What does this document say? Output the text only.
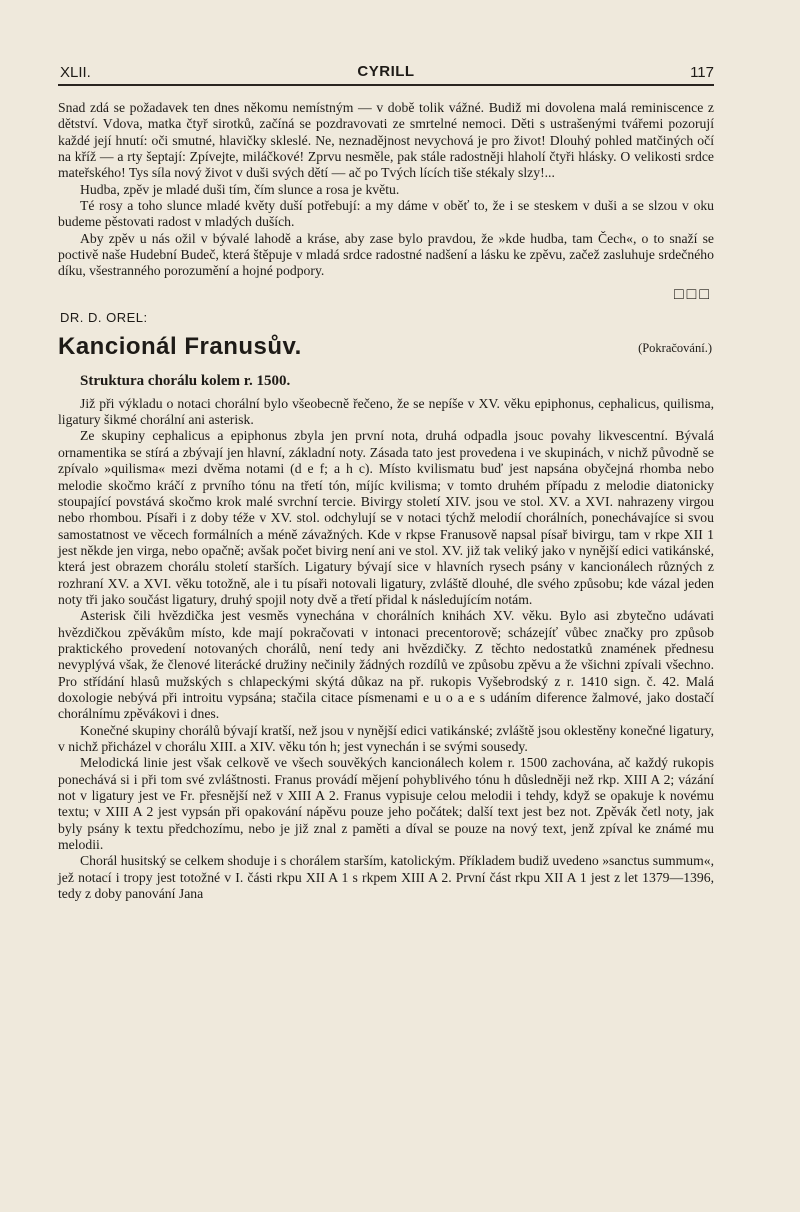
XLII.	CYRILL	117

Snad zdá se požadavek ten dnes někomu nemístným — v době tolik vážné. Budiž mi dovolena malá reminiscence z dětství. Vdova, matka čtyř sirotků, začíná se pozdravovati ze smrtelné nemoci. Děti s ustrašenými tvářemi pozorují každé její hnutí: oči smutné, hlavičky skleslé. Ne, neznadějnost nevychová je pro život! Dlouhý pohled matčiných očí na kříž — a rty šeptají: Zpívejte, miláčkové! Zprvu nesměle, pak stále radostněji hlaholí čtyři hlásky. O velikosti srdce mateřského! Tys síla nový život v duši svých dětí — ač po Tvých lících tiše stékaly slzy!...

Hudba, zpěv je mladé duši tím, čím slunce a rosa je květu.

Té rosy a toho slunce mladé květy duší potřebují: a my dáme v oběť to, že i se steskem v duši a se slzou v oku budeme pěstovati radost v mladých duších.

Aby zpěv u nás ožil v bývalé lahodě a kráse, aby zase bylo pravdou, že »kde hudba, tam Čech«, o to snaží se poctivě naše Hudební Budeč, která štěpuje v mladá srdce radostné nadšení a lásku ke zpěvu, začež zasluhuje srdečného díku, všestranného porozumění a hojné podpory.

□□□
DR. D. OREL:
Kancionál Franusův.	(Pokračování.)
Struktura chorálu kolem r. 1500.

Již při výkladu o notaci chorální bylo všeobecně řečeno, že se nepíše v XV. věku epiphonus, cephalicus, quilisma, ligatury šikmé chorální ani asterisk.

Ze skupiny cephalicus a epiphonus zbyla jen první nota, druhá odpadla jsouc povahy likvescentní. Bývalá ornamentika se stírá a zbývají jen hlavní, základní noty. Zásada tato jest provedena i ve skupinách, v nichž původně se zpívalo »quilisma« mezi dvěma notami (d e f; a h c). Místo kvilismatu buď jest napsána obyčejná rhomba nebo melodie skočmo kráčí z prvního tónu na třetí tón, míjíc kvilisma; v tomto druhém případu z melodie diatonicky stoupající povstává skočmo krok malé svrchní tercie. Bivirgy století XIV. jsou ve stol. XV. a XVI. nahrazeny virgou nebo rhombou. Písaři i z doby téže v XV. stol. odchylují se v notaci týchž melodií chorálních, ponechávajíce si svou samostatnost ve věcech formálních a méně závažných. Kde v rkpse Franusově napsal písař bivirgu, tam v rkpe XII 1 jest někde jen virga, nebo opačně; avšak počet bivirg není ani ve stol. XV. již tak veliký jako v nynější edici vatikánské, která jest obrazem chorálu století starších. Ligatury bývají sice v hlavních rysech psány v kancionálech různých z rozhraní XV. a XVI. věku totožně, ale i tu písaři notovali ligatury, zvláště dlouhé, dle svého způsobu; kde vázal jeden noty tři jako součást ligatury, druhý spojil noty dvě a třetí přidal k následujícím notám.

Asterisk čili hvězdička jest vesměs vynechána v chorálních knihách XV. věku. Bylo asi zbytečno udávati hvězdičkou zpěvákům místo, kde mají pokračovati v intonaci precentorově; scházejíť vůbec značky pro způsob praktického provedení notovaných chorálů, není tedy ani hvězdičky. Z těchto nedostatků znamének přednesu nevyplývá však, že členové literácké družiny nečinily žádných rozdílů ve způsobu zpěvu a že všichni zpívali všechno. Pro střídání hlasů mužských s chlapeckými skýtá důkaz na př. rukopis Vyšebrodský z r. 1410 sign. č. 42. Malá doxologie nebývá při introitu vypsána; stačila citace písmenami e u o a e s udáním diference žalmové, jako dostačí chorálnímu zpěvákovi i dnes.

Konečné skupiny chorálů bývají kratší, než jsou v nynější edici vatikánské; zvláště jsou oklestěny konečné ligatury, v nichž přicházel v chorálu XIII. a XIV. věku tón h; jest vynechán i se svými sousedy.

Melodická linie jest však celkově ve všech souvěkých kancionálech kolem r. 1500 zachována, ač každý rukopis ponechává si i při tom své zvláštnosti. Franus provádí mějení pohyblivého tónu h důsledněji než rkp. XIII A 2; vázání not v ligatury jest ve Fr. přesnější než v XIII A 2. Franus vypisuje celou melodii i tehdy, když se opakuje k novému textu; v XIII A 2 jest vypsán při opakování nápěvu pouze jeho počátek; další text jest bez not. Zpěvák četl noty, jak byly psány k textu předchozímu, nebo je již znal z paměti a díval se pouze na nový text, jenž zpíval ke známé mu melodii.

Chorál husitský se celkem shoduje i s chorálem starším, katolickým. Příkladem budiž uvedeno »sanctus summum«, jež notací i tropy jest totožné v I. části rkpu XII A 1 s rkpem XIII A 2. První část rkpu XII A 1 jest z let 1379—1396, tedy z doby panování Jana
